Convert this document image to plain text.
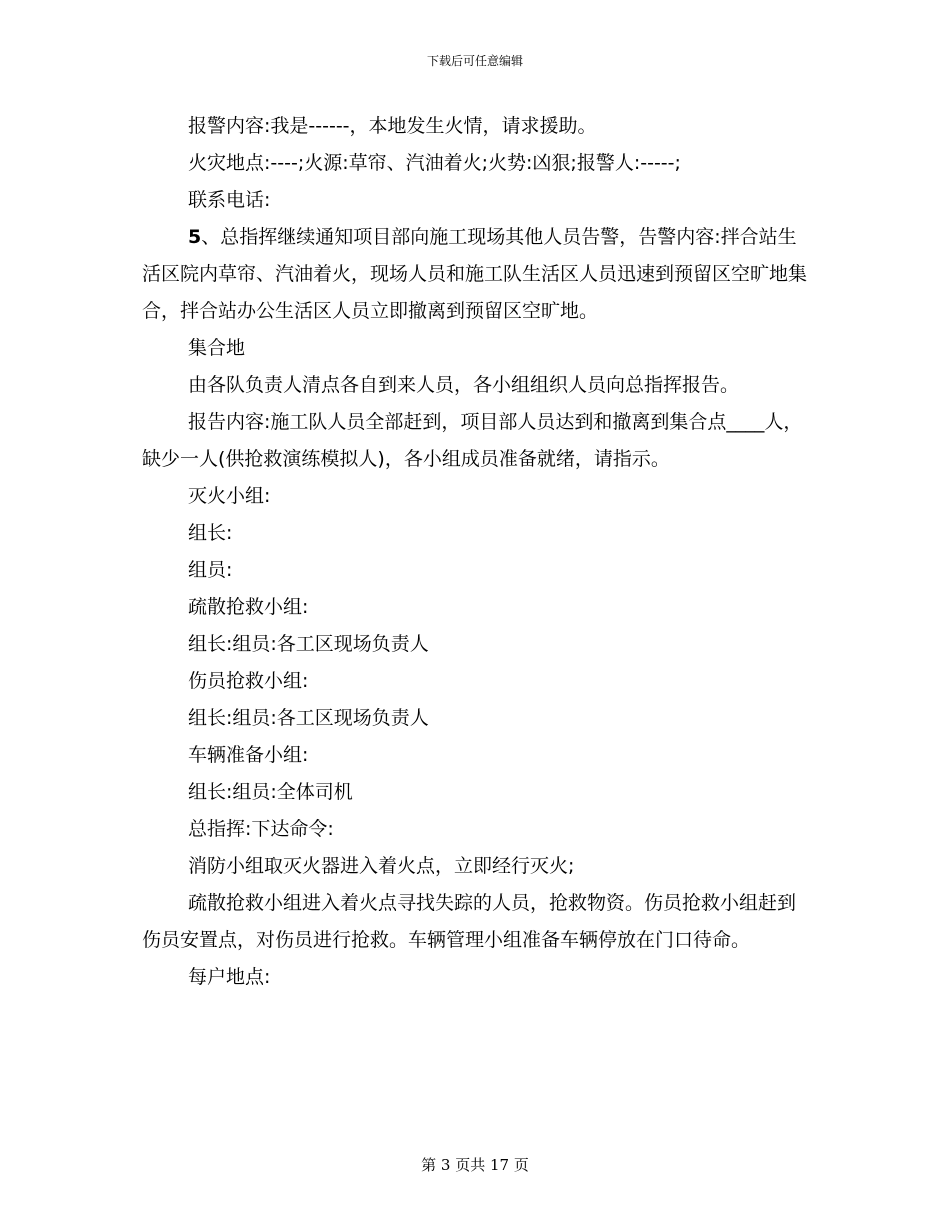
下载后可任意编辑

报警内容:我是------，本地发生火情，请求援助。

火灾地点:----;火源:草帘、汽油着火;火势:凶狠;报警人:-----;

联系电话:

5、总指挥继续通知项目部向施工现场其他人员告警，告警内容:拌合站生活区院内草帘、汽油着火，现场人员和施工队生活区人员迅速到预留区空旷地集合，拌合站办公生活区人员立即撤离到预留区空旷地。

集合地

由各队负责人清点各自到来人员，各小组组织人员向总指挥报告。

报告内容:施工队人员全部赶到，项目部人员达到和撤离到集合点____人，缺少一人(供抢救演练模拟人)，各小组成员准备就绪，请指示。

灭火小组:

组长:

组员:

疏散抢救小组:

组长:组员:各工区现场负责人

伤员抢救小组:

组长:组员:各工区现场负责人

车辆准备小组:

组长:组员:全体司机

总指挥:下达命令:

消防小组取灭火器进入着火点，立即经行灭火;

疏散抢救小组进入着火点寻找失踪的人员，抢救物资。伤员抢救小组赶到伤员安置点，对伤员进行抢救。车辆管理小组准备车辆停放在门口待命。

每户地点:

第 3 页共 17 页
